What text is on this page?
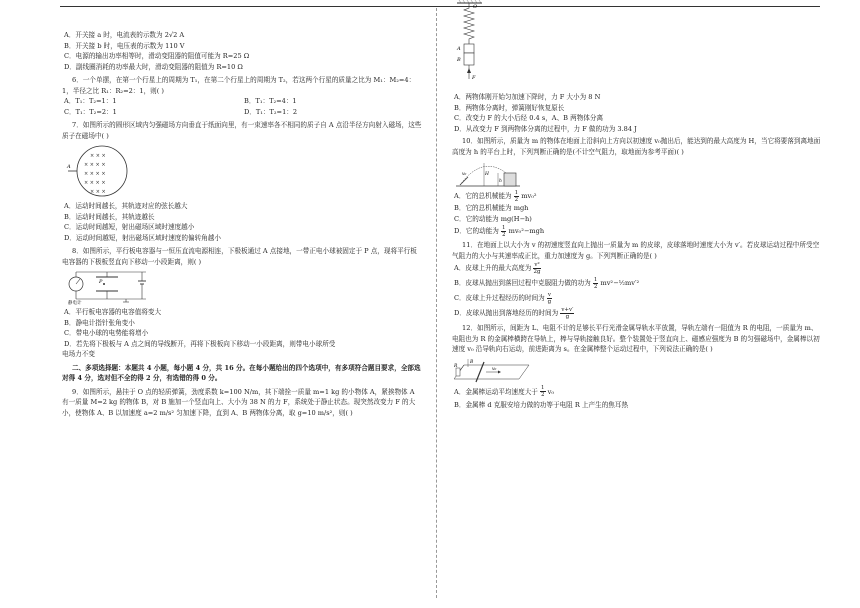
A．开关接 a 时，电流表的示数为 2√2 A

B．开关接 b 时，电压表的示数为 110 V

C．电源的输出功率相等时，滑动变阻器的阻值可能为 R=25 Ω

D．副线圈消耗的功率最大时，滑动变阻器的阻值为 R=10 Ω

6．一个单摆，在第一个行星上的周期为 T₁，在第二个行星上的周期为 T₂，若这两个行星的质量之比为 M₁：M₂=4：1，半径之比 R₁：R₂=2：1，则( )

A．T₁：T₂=1：1	B．T₁：T₂=4：1

C．T₁：T₂=2：1	D．T₁：T₂=1：2

7．如图所示的圆形区域内匀强磁场方向垂直于纸面向里，有一束速率各不相同的质子自 A 点沿半径方向射入磁场，这些质子在磁场中( )

× × ×
× × × ×
× × × ×
× × × ×
× × ×
A

A．运动时间越长，其轨迹对应的弦长越大

B．运动时间越长，其轨迹越长

C．运动时间越短，射出磁场区域时速度越小

D．运动时间越短，射出磁场区域时速度的偏转角越小

8．如图所示，平行板电容器与一恒压直流电源相连，下极板通过 A 点接地，一带正电小球被固定于 P 点，现将平行板电容器的下极板竖直向下移动一小段距离，则( )

P
静电计

A．平行板电容器的电容值将变大

B．静电计指针张角变小

C．带电小球的电势能将增小

D．若先将下极板与 A 点之间的导线断开，再将下极板向下移动一小段距离，则带电小球所受

电场力不变

二、多项选择题：本题共 4 小题，每小题 4 分，共 16 分。在每小题给出的四个选项中，有多项符合题目要求，全部选对得 4 分，选对但不全的得 2 分，有选错的得 0 分。

9．如图所示，悬挂于 O 点的轻质弹簧，劲度系数 k=100 N/m，其下端拴一质量 m=1 kg 的小物体 A，紧挨物体 A 有一质量 M=2 kg 的物体 B，对 B 施加一个竖直向上、大小为 38 N 的力 F，系统处于静止状态。现突然改变力 F 的大小，使物体 A、B 以加速度 a=2 m/s² 匀加速下降，直到 A、B 两物体分离，取 g=10 m/s²，则( )

O
A
B
F

A．两物体刚开始匀加速下降时，力 F 大小为 8 N

B．两物体分离时，弹簧刚好恢复原长

C．改变力 F 的大小后经 0.4 s，A、B 两物体分离

D．从改变力 F 到两物体分离的过程中，力 F 做的功为 3.84 J

10．如图所示，质量为 m 的物体在地面上沿斜向上方向以初速度 v₀抛出后，能达到的最大高度为 H，当它将要落到离地面高度为 h 的平台上时，下列判断正确的是(不计空气阻力，取地面为参考平面)( )

v₀	H
h

A．它的总机械能为 $\frac{1}{2} mv_0^2$

B．它的总机械能为 mgh

C．它的动能为 mg(H−h)

D．它的动能为 $\frac{1}{2} mv_0^2-mgh$

11．在地面上以大小为 v 的初速度竖直向上抛出一质量为 m 的皮球，皮球落地时速度大小为 v′。若皮球运动过程中所受空气阻力的大小与其速率成正比，重力加速度为 g。下列判断正确的是( )

A．皮球上升的最大高度为 $\frac{\text{v²}}{2g}$

B．皮球从抛出到落回过程中克服阻力做的功为 $\frac{1}{2}$ mv²−½mv′²

C．皮球上升过程经历的时间为 $\frac{v}{g}$

D．皮球从抛出到落地经历的时间为 $\frac{v+v'}{g}$

12．如图所示，间距为 L、电阻不计的足够长平行光滑金属导轨水平放置，导轨左端有一阻值为 R 的电阻，一质量为 m、电阻也为 R 的金属棒横跨在导轨上，棒与导轨接触良好。整个装置处于竖直向上、磁感应强度为 B 的匀强磁场中，金属棒以初速度 v₀ 沿导轨向右运动，前进距离为 s。在金属棒整个运动过程中，下列说法正确的是( )

R
B
v₀

A．金属棒运动平均速度大于 $\frac{1}{2} v_0$

B．金属棒 d 克服安培力做的功等于电阻 R 上产生的焦耳热
